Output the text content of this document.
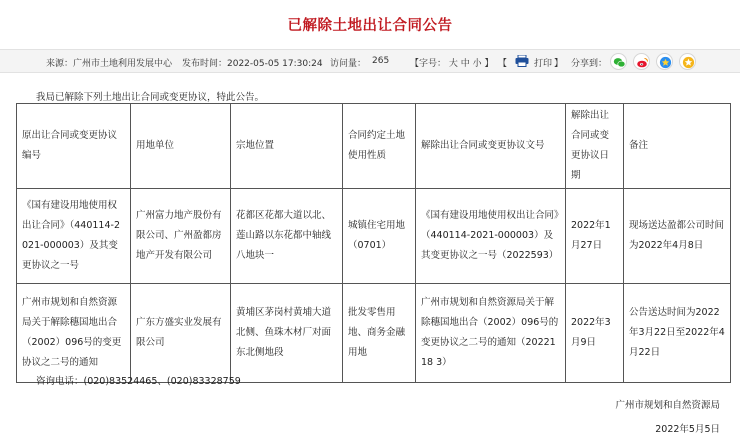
已解除土地出让合同公告
来源：广州市土地利用发展中心 发布时间：2022-05-05 17:30:24 访问量： 265 【字号： 大 中 小 】 【	打印 】 分享到：
我局已解除下列土地出让合同或变更协议，特此公告。
原出让合同或变更协议编号	用地单位	宗地位置	合同约定土地使用性质	解除出让合同或变更协议文号	解除出让合同或变更协议日期	备注
《国有建设用地使用权出让合同》（440114-2021-000003）及其变更协议之一号	广州富力地产股份有限公司、广州盈都房地产开发有限公司	花都区花都大道以北、莲山路以东花都中轴线八地块一	城镇住宅用地（0701）	《国有建设用地使用权出让合同》（440114-2021-000003）及其变更协议之一号（2022593）	2022年1月27日	现场送达盈都公司时间为2022年4月8日
广州市规划和自然资源局关于解除穗国地出合（2002）096号的变更协议之二号的通知	广东方盛实业发展有限公司	黄埔区茅岗村黄埔大道北侧、鱼珠木材厂对面东北侧地段	批发零售用地、商务金融用地	广州市规划和自然资源局关于解除穗国地出合（2002）096号的变更协议之二号的通知（2022118 3）	2022年3月9日	公告送达时间为2022年3月22日至2022年4月22日
咨询电话：(020)83524465、(020)83328759
广州市规划和自然资源局
2022年5月5日
